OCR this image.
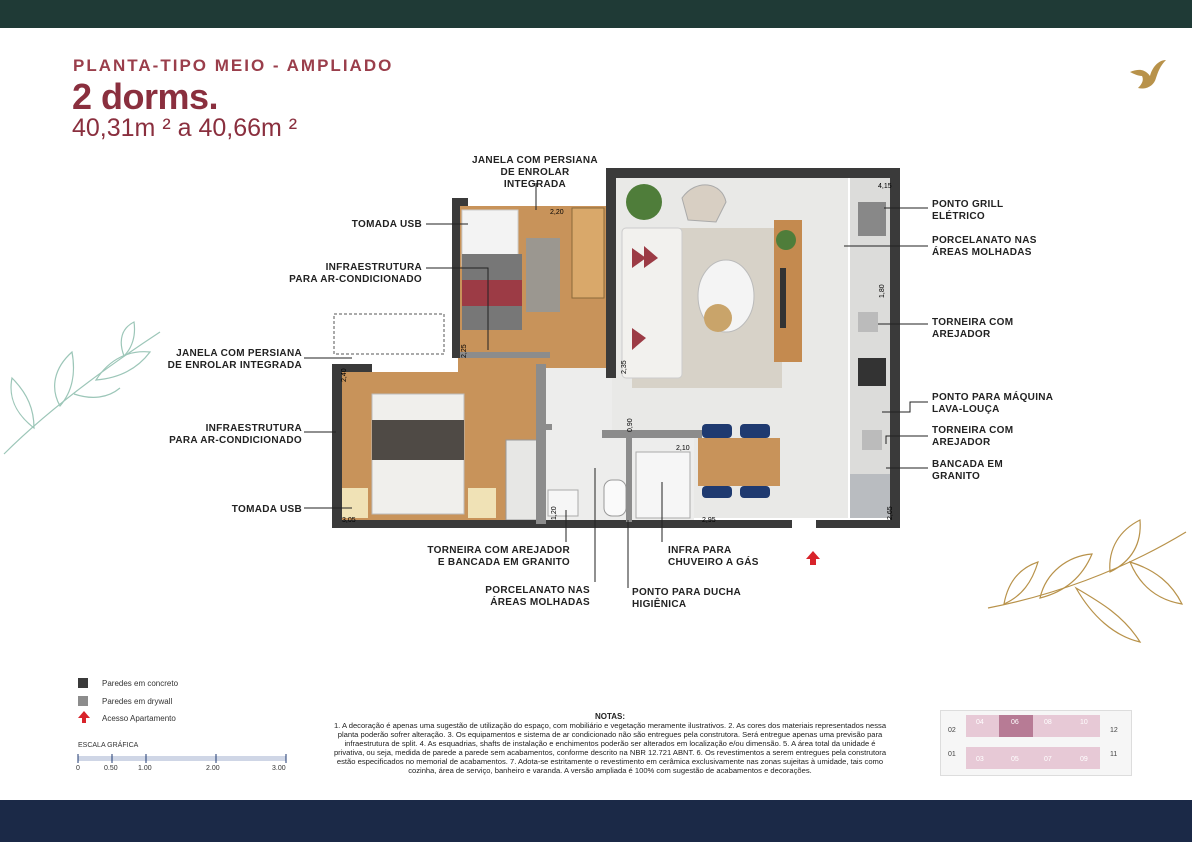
PLANTA-TIPO MEIO - AMPLIADO
2 dorms.
40,31m ² a 40,66m ²
2,20
4,15
1,80
2,25
2,40
2,35
0,90
2,10
1,20
2,95
3,05
2,65
JANELA COM PERSIANA
DE ENROLAR INTEGRADA
TOMADA USB
INFRAESTRUTURA
PARA AR-CONDICIONADO
JANELA COM PERSIANA
DE ENROLAR INTEGRADA
INFRAESTRUTURA
PARA AR-CONDICIONADO
TOMADA USB
PONTO GRILL
ELÉTRICO
PORCELANATO NAS
ÁREAS MOLHADAS
TORNEIRA COM
AREJADOR
PONTO PARA MÁQUINA
LAVA-LOUÇA
TORNEIRA COM
AREJADOR
BANCADA EM
GRANITO
TORNEIRA COM AREJADOR
E BANCADA EM GRANITO
INFRA PARA
CHUVEIRO A GÁS
PORCELANATO NAS
ÁREAS MOLHADAS
PONTO PARA DUCHA
HIGIÊNICA
Paredes em concreto
Paredes em drywall
Acesso Apartamento
ESCALA GRÁFICA
0	0.50	1.00	2.00	3.00
NOTAS:
1. A decoração é apenas uma sugestão de utilização do espaço, com mobiliário e vegetação meramente ilustrativos. 2. As cores dos materiais representados nessa planta poderão sofrer alteração. 3. Os equipamentos e sistema de ar condicionado não são entregues pela construtora. Será entregue apenas uma previsão para infraestrutura de split. 4. As esquadrias, shafts de instalação e enchimentos poderão ser alterados em localização e/ou dimensão. 5. A área total da unidade é privativa, ou seja, medida de parede a parede sem acabamentos, conforme descrito na NBR 12.721 ABNT. 6. Os revestimentos a serem entregues pela construtora estão especificados no memorial de acabamentos. 7. Adota-se estritamente o revestimento em cerâmica exclusivamente nas zonas sujeitas à umidade, tais como cozinha, área de serviço, banheiro e varanda. A versão ampliada é 100% com sugestão de acabamentos e decorações.
04	06	08	10
03	05	07	09
02
01
12
11
